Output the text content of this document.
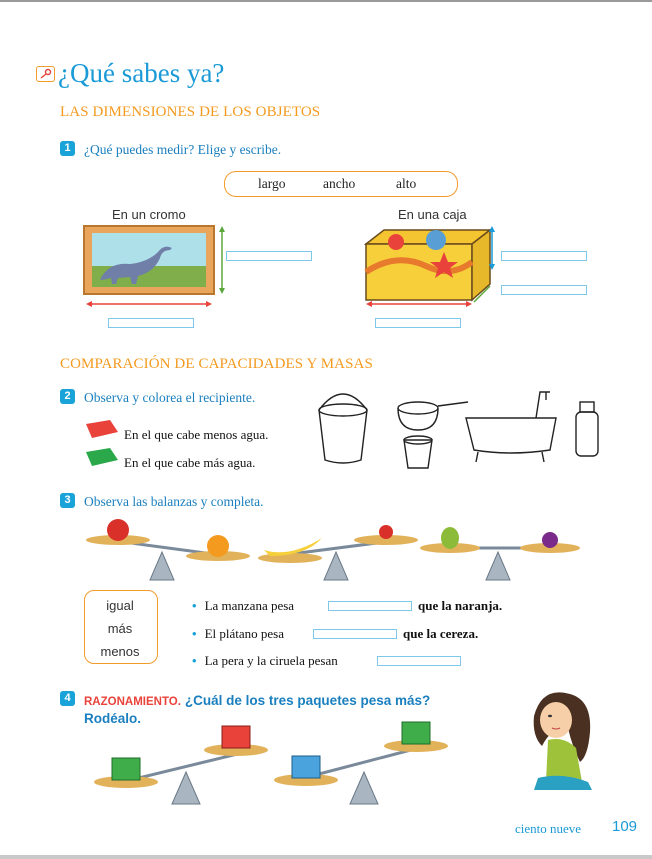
¿Qué sabes ya?
LAS DIMENSIONES DE LOS OBJETOS
1 ¿Qué puedes medir? Elige y escribe.
largo	ancho	alto
En un cromo	En una caja
COMPARACIÓN DE CAPACIDADES Y MASAS
2 Observa y colorea el recipiente.
En el que cabe menos agua.
En el que cabe más agua.
3 Observa las balanzas y completa.
igual
más
menos
• La manzana pesa	que la naranja.
• El plátano pesa	que la cereza.
• La pera y la ciruela pesan
4	RAZONAMIENTO. ¿Cuál de los tres paquetes pesa más?
Rodéalo.
ciento nueve 109
